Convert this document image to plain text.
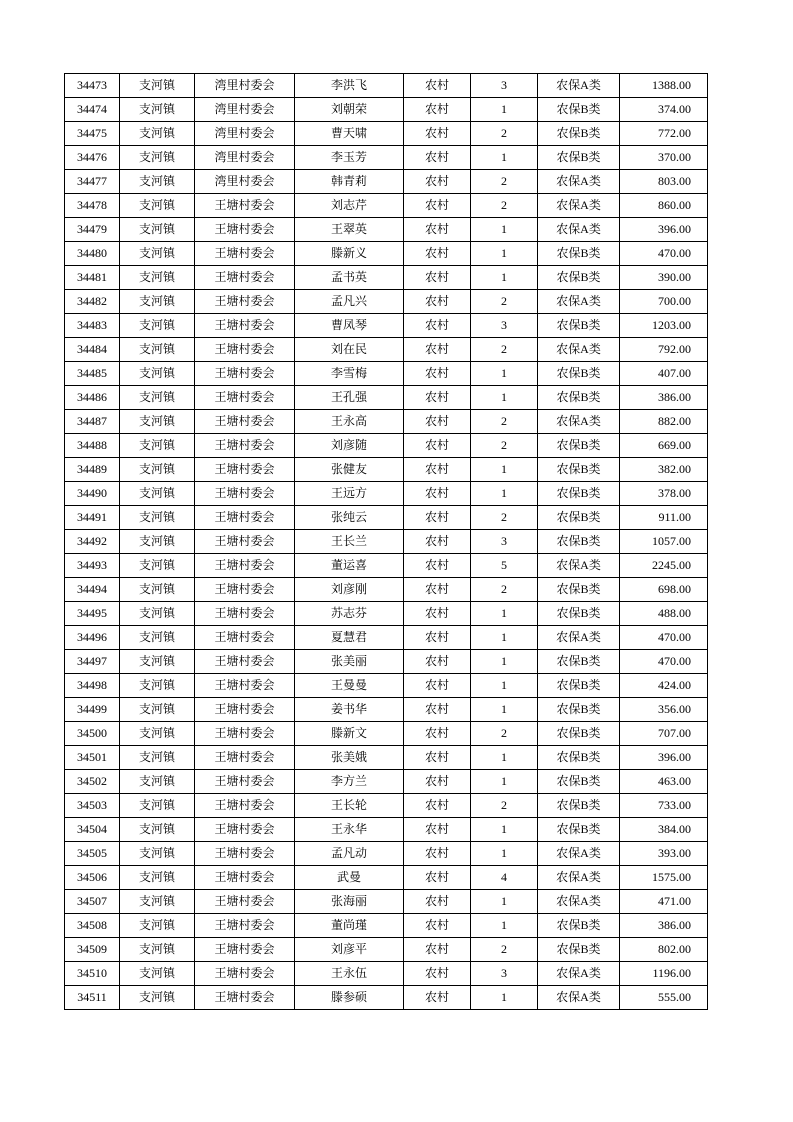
34473	支河镇	湾里村委会	李洪飞	农村	3	农保A类	1388.00
34474	支河镇	湾里村委会	刘朝荣	农村	1	农保B类	374.00
34475	支河镇	湾里村委会	曹天啸	农村	2	农保B类	772.00
34476	支河镇	湾里村委会	李玉芳	农村	1	农保B类	370.00
34477	支河镇	湾里村委会	韩青莉	农村	2	农保A类	803.00
34478	支河镇	王塘村委会	刘志芹	农村	2	农保A类	860.00
34479	支河镇	王塘村委会	王翠英	农村	1	农保A类	396.00
34480	支河镇	王塘村委会	滕新义	农村	1	农保B类	470.00
34481	支河镇	王塘村委会	孟书英	农村	1	农保B类	390.00
34482	支河镇	王塘村委会	孟凡兴	农村	2	农保A类	700.00
34483	支河镇	王塘村委会	曹凤琴	农村	3	农保B类	1203.00
34484	支河镇	王塘村委会	刘在民	农村	2	农保A类	792.00
34485	支河镇	王塘村委会	李雪梅	农村	1	农保B类	407.00
34486	支河镇	王塘村委会	王孔强	农村	1	农保B类	386.00
34487	支河镇	王塘村委会	王永高	农村	2	农保A类	882.00
34488	支河镇	王塘村委会	刘彦随	农村	2	农保B类	669.00
34489	支河镇	王塘村委会	张健友	农村	1	农保B类	382.00
34490	支河镇	王塘村委会	王远方	农村	1	农保B类	378.00
34491	支河镇	王塘村委会	张纯云	农村	2	农保B类	911.00
34492	支河镇	王塘村委会	王长兰	农村	3	农保B类	1057.00
34493	支河镇	王塘村委会	董运喜	农村	5	农保A类	2245.00
34494	支河镇	王塘村委会	刘彦刚	农村	2	农保B类	698.00
34495	支河镇	王塘村委会	苏志芬	农村	1	农保B类	488.00
34496	支河镇	王塘村委会	夏慧君	农村	1	农保A类	470.00
34497	支河镇	王塘村委会	张美丽	农村	1	农保B类	470.00
34498	支河镇	王塘村委会	王曼曼	农村	1	农保B类	424.00
34499	支河镇	王塘村委会	姜书华	农村	1	农保B类	356.00
34500	支河镇	王塘村委会	滕新文	农村	2	农保B类	707.00
34501	支河镇	王塘村委会	张美娥	农村	1	农保B类	396.00
34502	支河镇	王塘村委会	李方兰	农村	1	农保B类	463.00
34503	支河镇	王塘村委会	王长轮	农村	2	农保B类	733.00
34504	支河镇	王塘村委会	王永华	农村	1	农保B类	384.00
34505	支河镇	王塘村委会	孟凡动	农村	1	农保A类	393.00
34506	支河镇	王塘村委会	武曼	农村	4	农保A类	1575.00
34507	支河镇	王塘村委会	张海丽	农村	1	农保A类	471.00
34508	支河镇	王塘村委会	董尚瑾	农村	1	农保B类	386.00
34509	支河镇	王塘村委会	刘彦平	农村	2	农保B类	802.00
34510	支河镇	王塘村委会	王永伍	农村	3	农保A类	1196.00
34511	支河镇	王塘村委会	滕参硕	农村	1	农保A类	555.00
